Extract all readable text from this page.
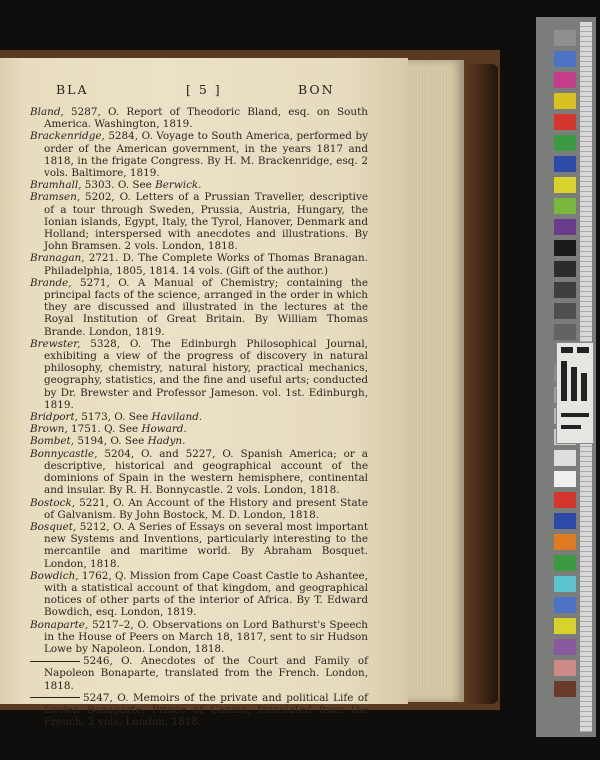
BLA	[ 5 ]	BON

Bland, 5287, O. Report of Theodoric Bland, esq. on South America. Washington, 1819.

Brackenridge, 5284, O. Voyage to South America, performed by order of the American government, in the years 1817 and 1818, in the frigate Congress. By H. M. Brackenridge, esq. 2 vols. Baltimore, 1819.

Bramhall, 5303. O. See Berwick.

Bramsen, 5202, O. Letters of a Prussian Traveller, descriptive of a tour through Sweden, Prussia, Austria, Hungary, the Ionian islands, Egypt, Italy, the Tyrol, Hanover, Denmark and Holland; interspersed with anecdotes and illustrations. By John Bramsen. 2 vols. London, 1818.

Branagan, 2721. D. The Complete Works of Thomas Branagan. Philadelphia, 1805, 1814. 14 vols. (Gift of the author.)

Brande, 5271, O. A Manual of Chemistry; containing the principal facts of the science, arranged in the order in which they are discussed and illustrated in the lectures at the Royal Institution of Great Britain. By William Thomas Brande. London, 1819.

Brewster, 5328, O. The Edinburgh Philosophical Journal, exhibiting a view of the progress of discovery in natural philosophy, chemistry, natural history, practical mechanics, geography, statistics, and the fine and useful arts; conducted by Dr. Brewster and Professor Jameson. vol. 1st. Edinburgh, 1819.

Bridport, 5173, O. See Haviland.

Brown, 1751. Q. See Howard.

Bombet, 5194, O. See Hadyn.

Bonnycastle, 5204, O. and 5227, O. Spanish America; or a descriptive, historical and geographical account of the dominions of Spain in the western hemisphere, continental and insular. By R. H. Bonnycastle. 2 vols. London, 1818.

Bostock, 5221, O. An Account of the History and present State of Galvanism. By John Bostock, M. D. London, 1818.

Bosquet, 5212, O. A Series of Essays on several most important new Systems and Inventions, particularly interesting to the mercantile and maritime world. By Abraham Bosquet. London, 1818.

Bowdich, 1762, Q. Mission from Cape Coast Castle to Ashantee, with a statistical account of that kingdom, and geographical notices of other parts of the interior of Africa. By T. Edward Bowdich, esq. London, 1819.

Bonaparte, 5217–2, O. Observations on Lord Bathurst's Speech in the House of Peers on March 18, 1817, sent to sir Hudson Lowe by Napoleon. London, 1818.

5246, O. Anecdotes of the Court and Family of Napoleon Bonaparte, translated from the French. London, 1818.

5247, O. Memoirs of the private and political Life of Lucien Bonaparte, Prince of Canino, translated from the French. 2 vols. London, 1818.
